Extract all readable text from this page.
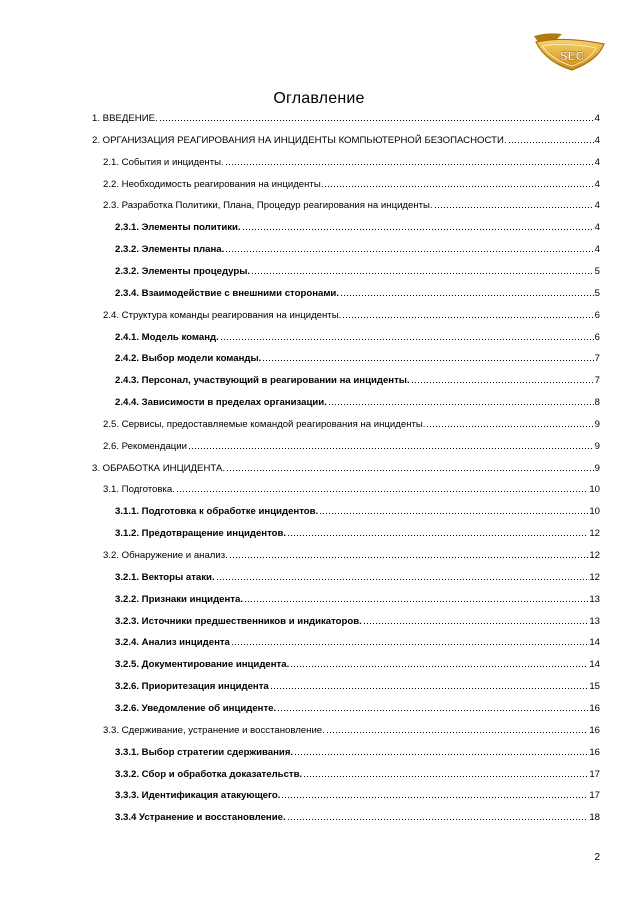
SEC
Оглавление
1. ВВЕДЕНИЕ.	4
2. ОРГАНИЗАЦИЯ РЕАГИРОВАНИЯ НА ИНЦИДЕНТЫ КОМПЬЮТЕРНОЙ БЕЗОПАСНОСТИ.	4
2.1. События и инциденты.	4
2.2. Необходимость реагирования на инциденты.	4
2.3. Разработка Политики, Плана, Процедур реагирования на инциденты.	4
2.3.1. Элементы политики.	4
2.3.2. Элементы плана.	4
2.3.2. Элементы процедуры.	5
2.3.4. Взаимодействие с внешними сторонами.	5
2.4. Структура команды реагирования на инциденты.	6
2.4.1. Модель команд.	6
2.4.2. Выбор модели команды.	7
2.4.3. Персонал, участвующий в реагировании на инциденты.	7
2.4.4. Зависимости в пределах организации.	8
2.5. Сервисы, предоставляемые командой реагирования на инциденты.	9
2.6. Рекомендации	9
3. ОБРАБОТКА ИНЦИДЕНТА.	9
3.1. Подготовка.	10
3.1.1. Подготовка к обработке инцидентов.	10
3.1.2. Предотвращение инцидентов.	12
3.2. Обнаружение и анализ.	12
3.2.1. Векторы атаки.	12
3.2.2. Признаки инцидента.	13
3.2.3. Источники предшественников и индикаторов.	13
3.2.4. Анализ инцидента	14
3.2.5. Документирование инцидента.	14
3.2.6. Приоритезация инцидента	15
3.2.6. Уведомление об инциденте.	16
3.3. Сдерживание, устранение и восстановление.	16
3.3.1. Выбор стратегии сдерживания.	16
3.3.2. Сбор и обработка доказательств.	17
3.3.3. Идентификация атакующего.	17
3.3.4 Устранение и восстановление.	18
2
